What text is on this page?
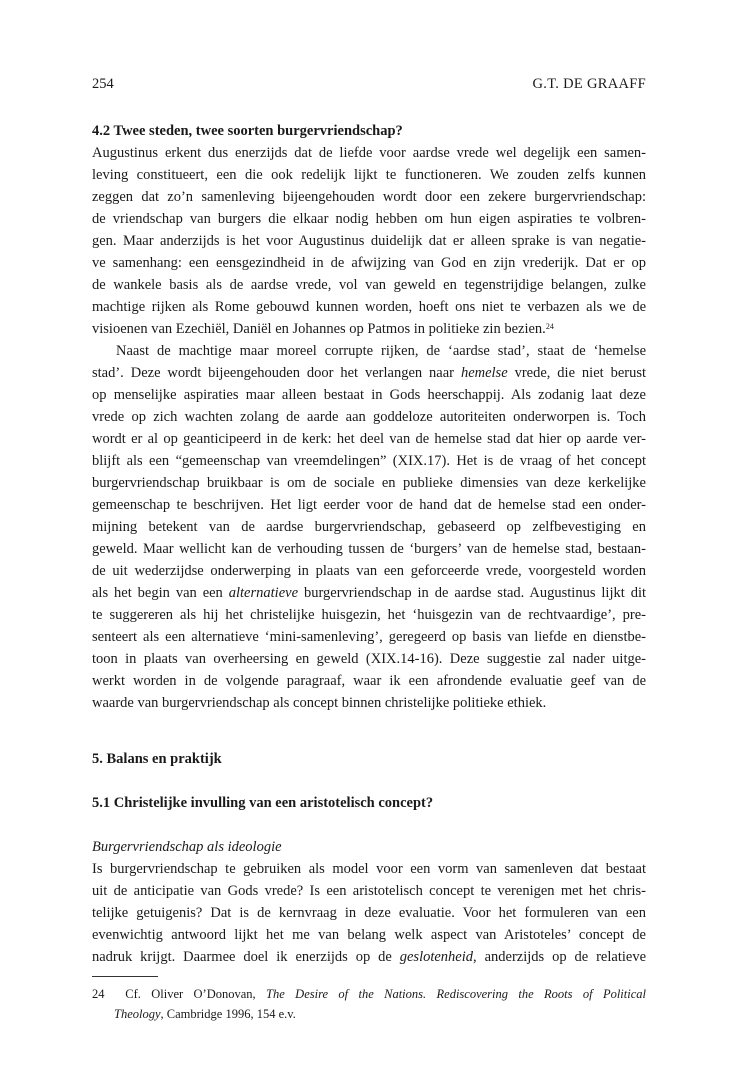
254	G.T. DE GRAAFF
4.2 Twee steden, twee soorten burgervriendschap?
Augustinus erkent dus enerzijds dat de liefde voor aardse vrede wel degelijk een samen-
leving constitueert, een die ook redelijk lijkt te functioneren. We zouden zelfs kunnen
zeggen dat zo’n samenleving bijeengehouden wordt door een zekere burgervriendschap:
de vriendschap van burgers die elkaar nodig hebben om hun eigen aspiraties te volbren-
gen. Maar anderzijds is het voor Augustinus duidelijk dat er alleen sprake is van negatie-
ve samenhang: een eensgezindheid in de afwijzing van God en zijn vrederijk. Dat er op
de wankele basis als de aardse vrede, vol van geweld en tegenstrijdige belangen, zulke
machtige rijken als Rome gebouwd kunnen worden, hoeft ons niet te verbazen als we de
visioenen van Ezechiël, Daniël en Johannes op Patmos in politieke zin bezien.$^{24}$
Naast de machtige maar moreel corrupte rijken, de ‘aardse stad’, staat de ‘hemelse
stad’. Deze wordt bijeengehouden door het verlangen naar hemelse vrede, die niet berust
op menselijke aspiraties maar alleen bestaat in Gods heerschappij. Als zodanig laat deze
vrede op zich wachten zolang de aarde aan goddeloze autoriteiten onderworpen is. Toch
wordt er al op geanticipeerd in de kerk: het deel van de hemelse stad dat hier op aarde ver-
blijft als een “gemeenschap van vreemdelingen” (XIX.17). Het is de vraag of het concept
burgervriendschap bruikbaar is om de sociale en publieke dimensies van deze kerkelijke
gemeenschap te beschrijven. Het ligt eerder voor de hand dat de hemelse stad een onder-
mijning betekent van de aardse burgervriendschap, gebaseerd op zelfbevestiging en
geweld. Maar wellicht kan de verhouding tussen de ‘burgers’ van de hemelse stad, bestaan-
de uit wederzijdse onderwerping in plaats van een geforceerde vrede, voorgesteld worden
als het begin van een alternatieve burgervriendschap in de aardse stad. Augustinus lijkt dit
te suggereren als hij het christelijke huisgezin, het ‘huisgezin van de rechtvaardige’, pre-
senteert als een alternatieve ‘mini-samenleving’, geregeerd op basis van liefde en dienstbe-
toon in plaats van overheersing en geweld (XIX.14-16). Deze suggestie zal nader uitge-
werkt worden in de volgende paragraaf, waar ik een afrondende evaluatie geef van de
waarde van burgervriendschap als concept binnen christelijke politieke ethiek.
5. Balans en praktijk
5.1 Christelijke invulling van een aristotelisch concept?
Burgervriendschap als ideologie
Is burgervriendschap te gebruiken als model voor een vorm van samenleven dat bestaat
uit de anticipatie van Gods vrede? Is een aristotelisch concept te verenigen met het chris-
telijke getuigenis? Dat is de kernvraag in deze evaluatie. Voor het formuleren van een
evenwichtig antwoord lijkt het me van belang welk aspect van Aristoteles’ concept de
nadruk krijgt. Daarmee doel ik enerzijds op de geslotenheid, anderzijds op de relatieve
24 Cf. Oliver O’Donovan, The Desire of the Nations. Rediscovering the Roots of Political
Theology, Cambridge 1996, 154 e.v.
